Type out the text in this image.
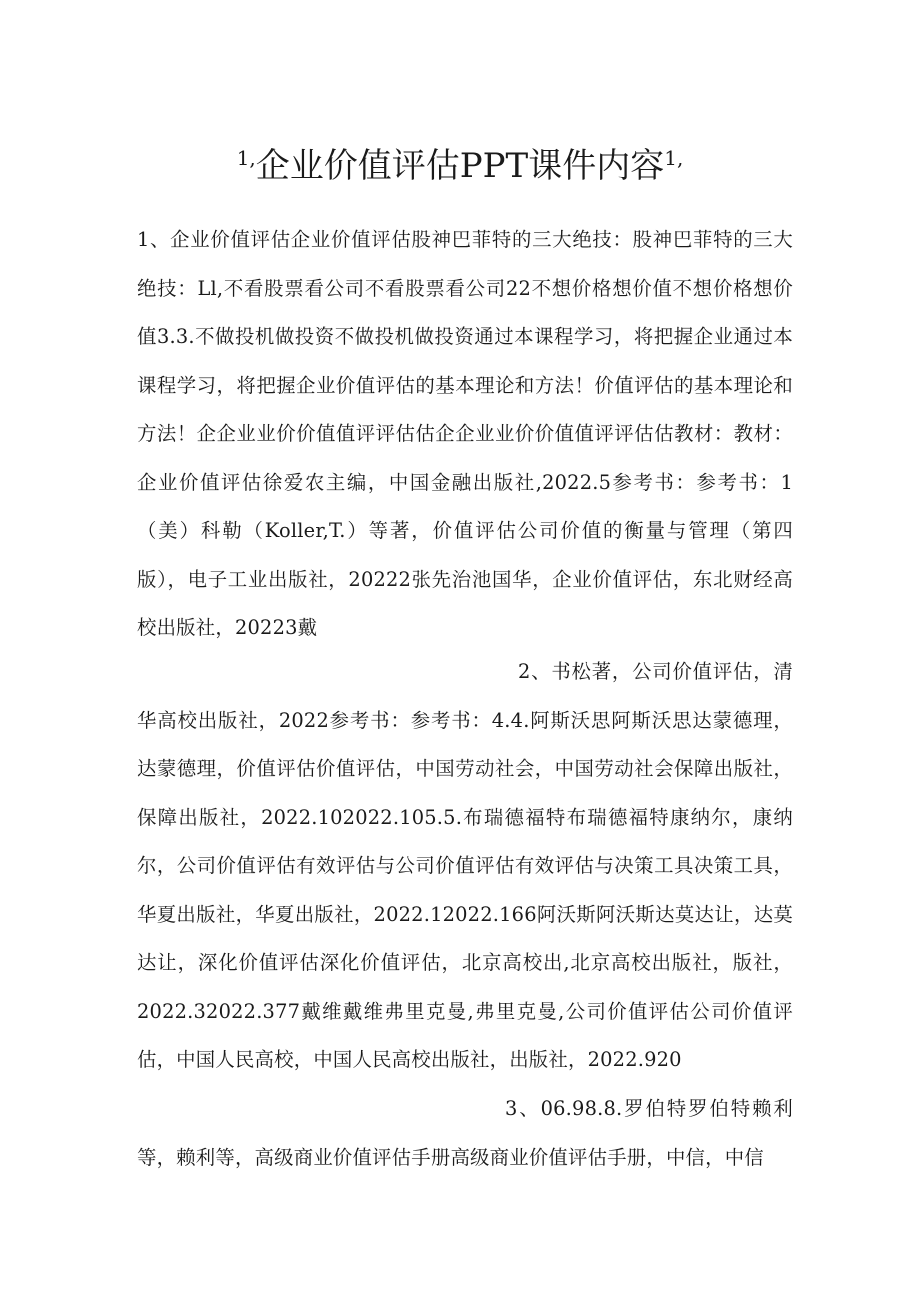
$^{1,}$企业价值评估PPT课件内容$^{1,}$

1、企业价值评估企业价值评估股神巴菲特的三大绝技：股神巴菲特的三大绝技：Ll,不看股票看公司不看股票看公司22不想价格想价值不想价格想价值3.3.不做投机做投资不做投机做投资通过本课程学习，将把握企业通过本课程学习，将把握企业价值评估的基本理论和方法！价值评估的基本理论和方法！企企业业价价值值评评估估企企业业价价值值评评估估教材：教材：企业价值评估徐爱农主编，中国金融出版社,2022.5参考书：参考书：1（美）科勒（Koller,T.）等著，价值评估公司价值的衡量与管理（第四版），电子工业出版社，20222张先治池国华，企业价值评估，东北财经高校出版社，20223戴

2、书松著，公司价值评估，清华高校出版社，2022参考书：参考书：4.4.阿斯沃思阿斯沃思达蒙德理，达蒙德理，价值评估价值评估，中国劳动社会，中国劳动社会保障出版社，保障出版社，2022.102022.105.5.布瑞德福特布瑞德福特康纳尔，康纳尔，公司价值评估有效评估与公司价值评估有效评估与决策工具决策工具，华夏出版社，华夏出版社，2022.12022.166阿沃斯阿沃斯达莫达让，达莫达让，深化价值评估深化价值评估，北京高校出,北京高校出版社，版社，2022.32022.377戴维戴维弗里克曼,弗里克曼,公司价值评估公司价值评估，中国人民高校，中国人民高校出版社，出版社，2022.920

3、06.98.8.罗伯特罗伯特赖利等，赖利等，高级商业价值评估手册高级商业价值评估手册，中信，中信
